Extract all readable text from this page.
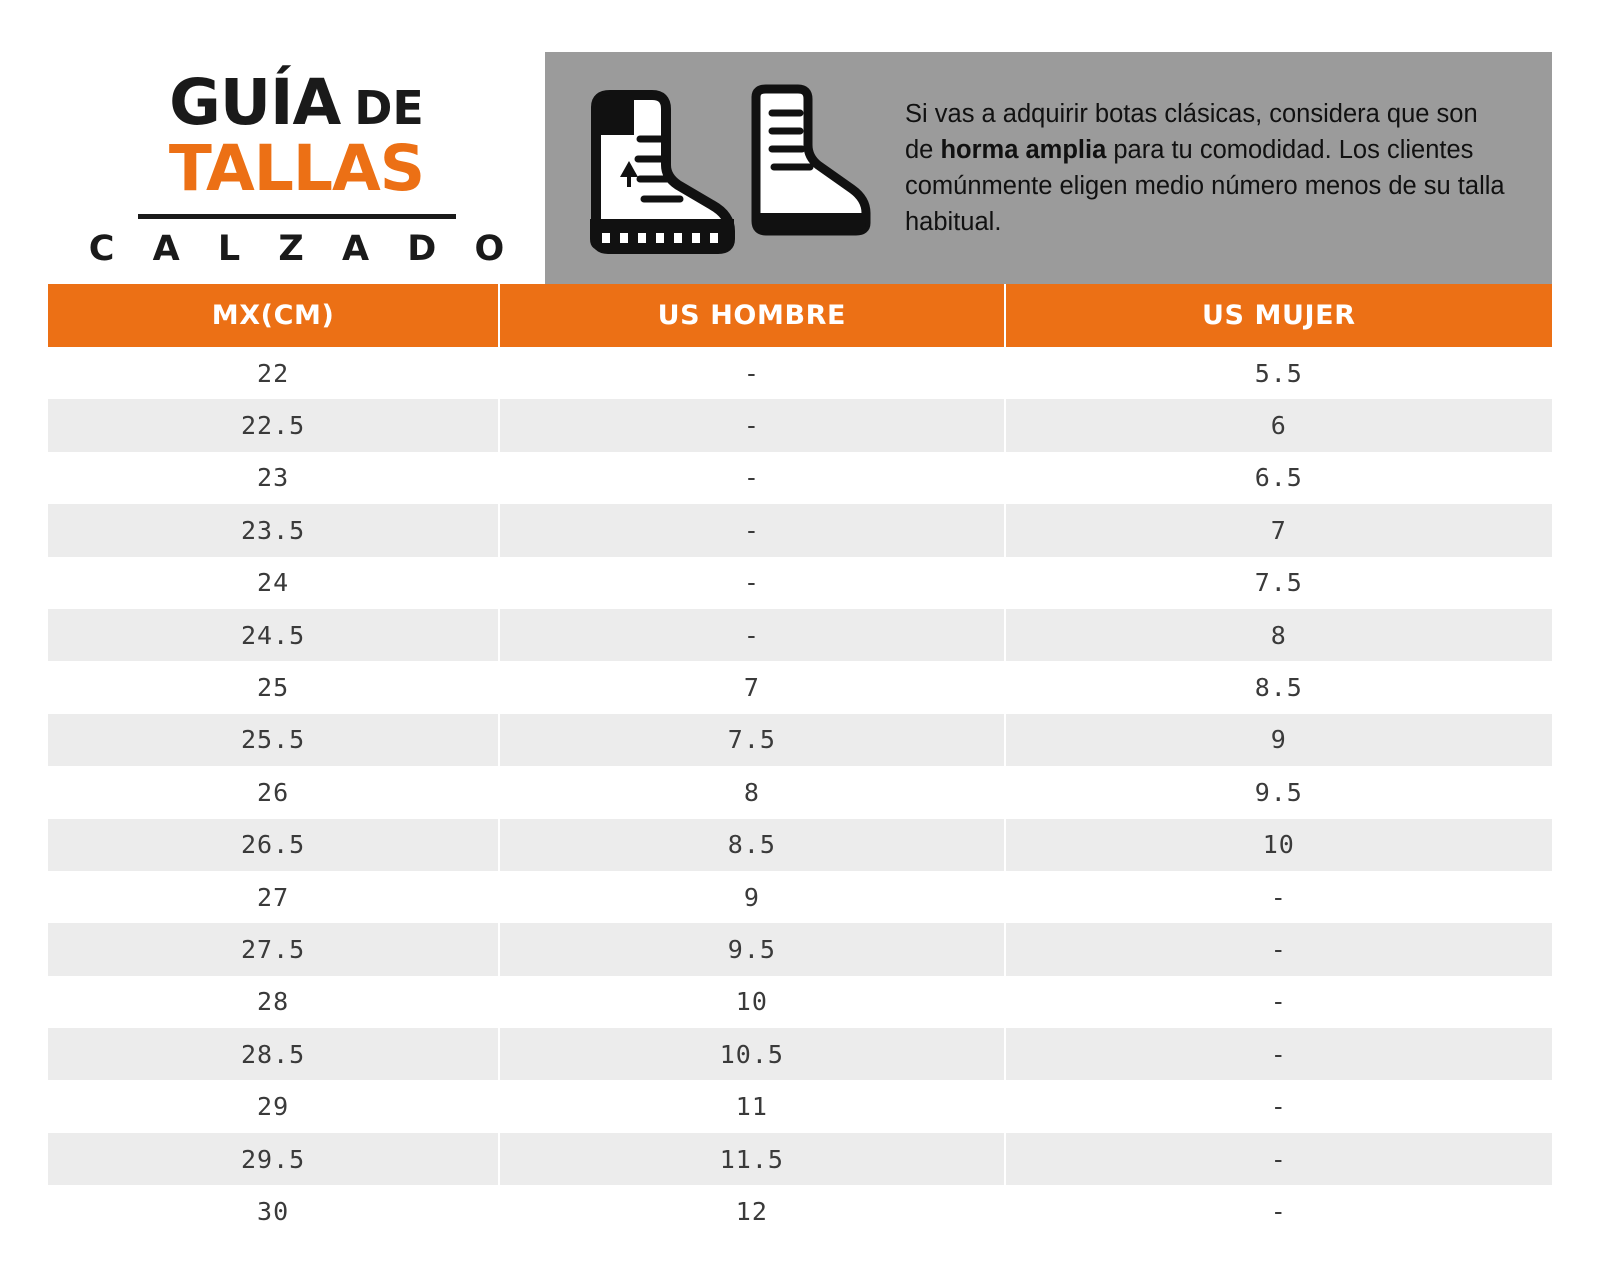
GUÍA DE
TALLAS
C A L Z A D O
Si vas a adquirir botas clásicas, considera que son de horma amplia para tu comodidad. Los clientes comúnmente eligen medio número menos de su talla habitual.
MX(CM)	US HOMBRE	US MUJER
22	-	5.5
22.5	-	6
23	-	6.5
23.5	-	7
24	-	7.5
24.5	-	8
25	7	8.5
25.5	7.5	9
26	8	9.5
26.5	8.5	10
27	9	-
27.5	9.5	-
28	10	-
28.5	10.5	-
29	11	-
29.5	11.5	-
30	12	-
